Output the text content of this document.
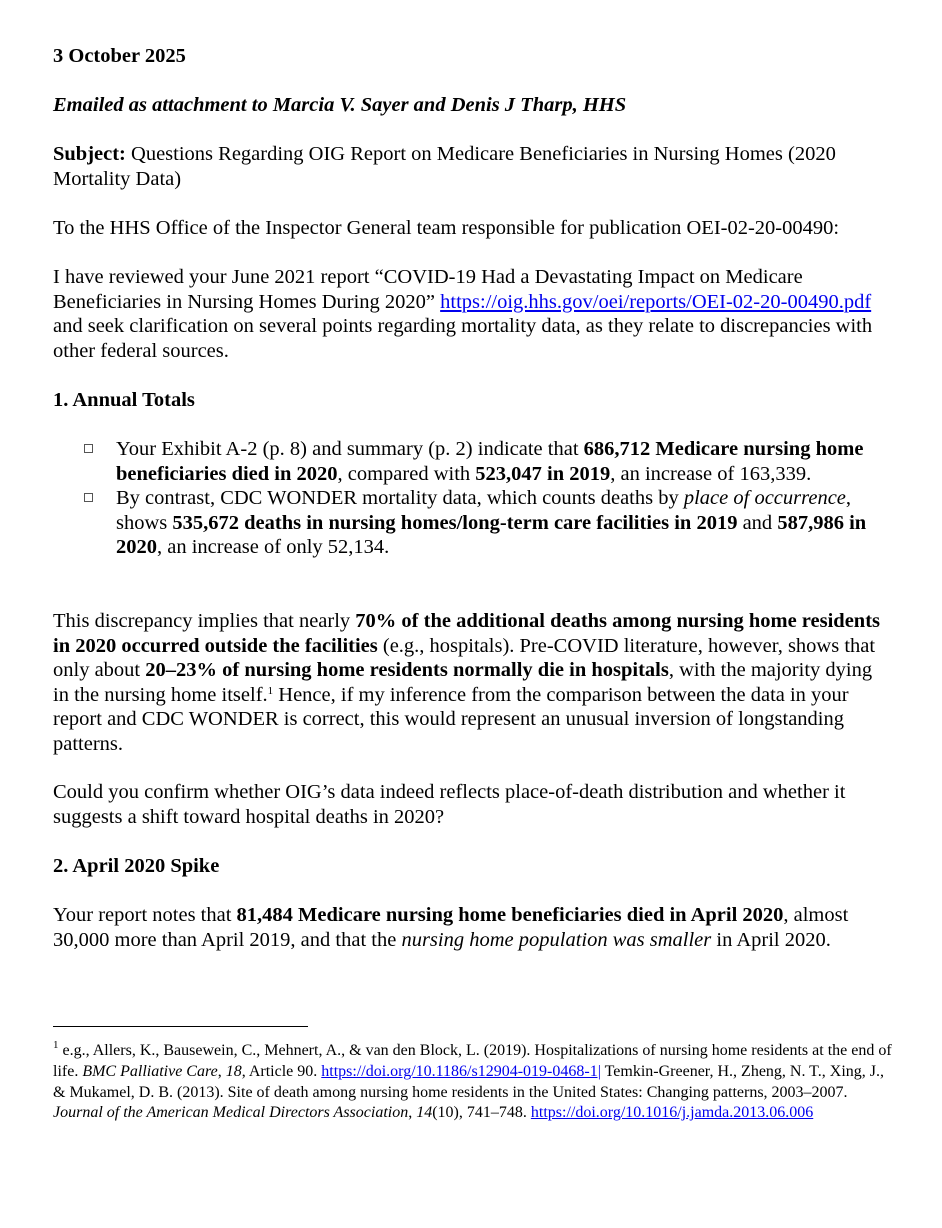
3 October 2025

Emailed as attachment to Marcia V. Sayer and Denis J Tharp, HHS

Subject: Questions Regarding OIG Report on Medicare Beneficiaries in Nursing Homes (2020 Mortality Data)

To the HHS Office of the Inspector General team responsible for publication OEI-02-20-00490:

I have reviewed your June 2021 report “COVID-19 Had a Devastating Impact on Medicare Beneficiaries in Nursing Homes During 2020” https://oig.hhs.gov/oei/reports/OEI-02-20-00490.pdf and seek clarification on several points regarding mortality data, as they relate to discrepancies with other federal sources.

1. Annual Totals

Your Exhibit A-2 (p. 8) and summary (p. 2) indicate that 686,712 Medicare nursing home beneficiaries died in 2020, compared with 523,047 in 2019, an increase of 163,339.
By contrast, CDC WONDER mortality data, which counts deaths by place of occurrence, shows 535,672 deaths in nursing homes/long-term care facilities in 2019 and 587,986 in 2020, an increase of only 52,134.

This discrepancy implies that nearly 70% of the additional deaths among nursing home residents in 2020 occurred outside the facilities (e.g., hospitals). Pre-COVID literature, however, shows that only about 20–23% of nursing home residents normally die in hospitals, with the majority dying in the nursing home itself.$^1$ Hence, if my inference from the comparison between the data in your report and CDC WONDER is correct, this would represent an unusual inversion of longstanding patterns.

Could you confirm whether OIG’s data indeed reflects place-of-death distribution and whether it suggests a shift toward hospital deaths in 2020?

2. April 2020 Spike

Your report notes that 81,484 Medicare nursing home beneficiaries died in April 2020, almost 30,000 more than April 2019, and that the nursing home population was smaller in April 2020.

$^1$ e.g., Allers, K., Bausewein, C., Mehnert, A., & van den Block, L. (2019). Hospitalizations of nursing home residents at the end of life. BMC Palliative Care, 18, Article 90. https://doi.org/10.1186/s12904-019-0468-1| Temkin-Greener, H., Zheng, N. T., Xing, J., & Mukamel, D. B. (2013). Site of death among nursing home residents in the United States: Changing patterns, 2003–2007. Journal of the American Medical Directors Association, 14(10), 741–748. https://doi.org/10.1016/j.jamda.2013.06.006
